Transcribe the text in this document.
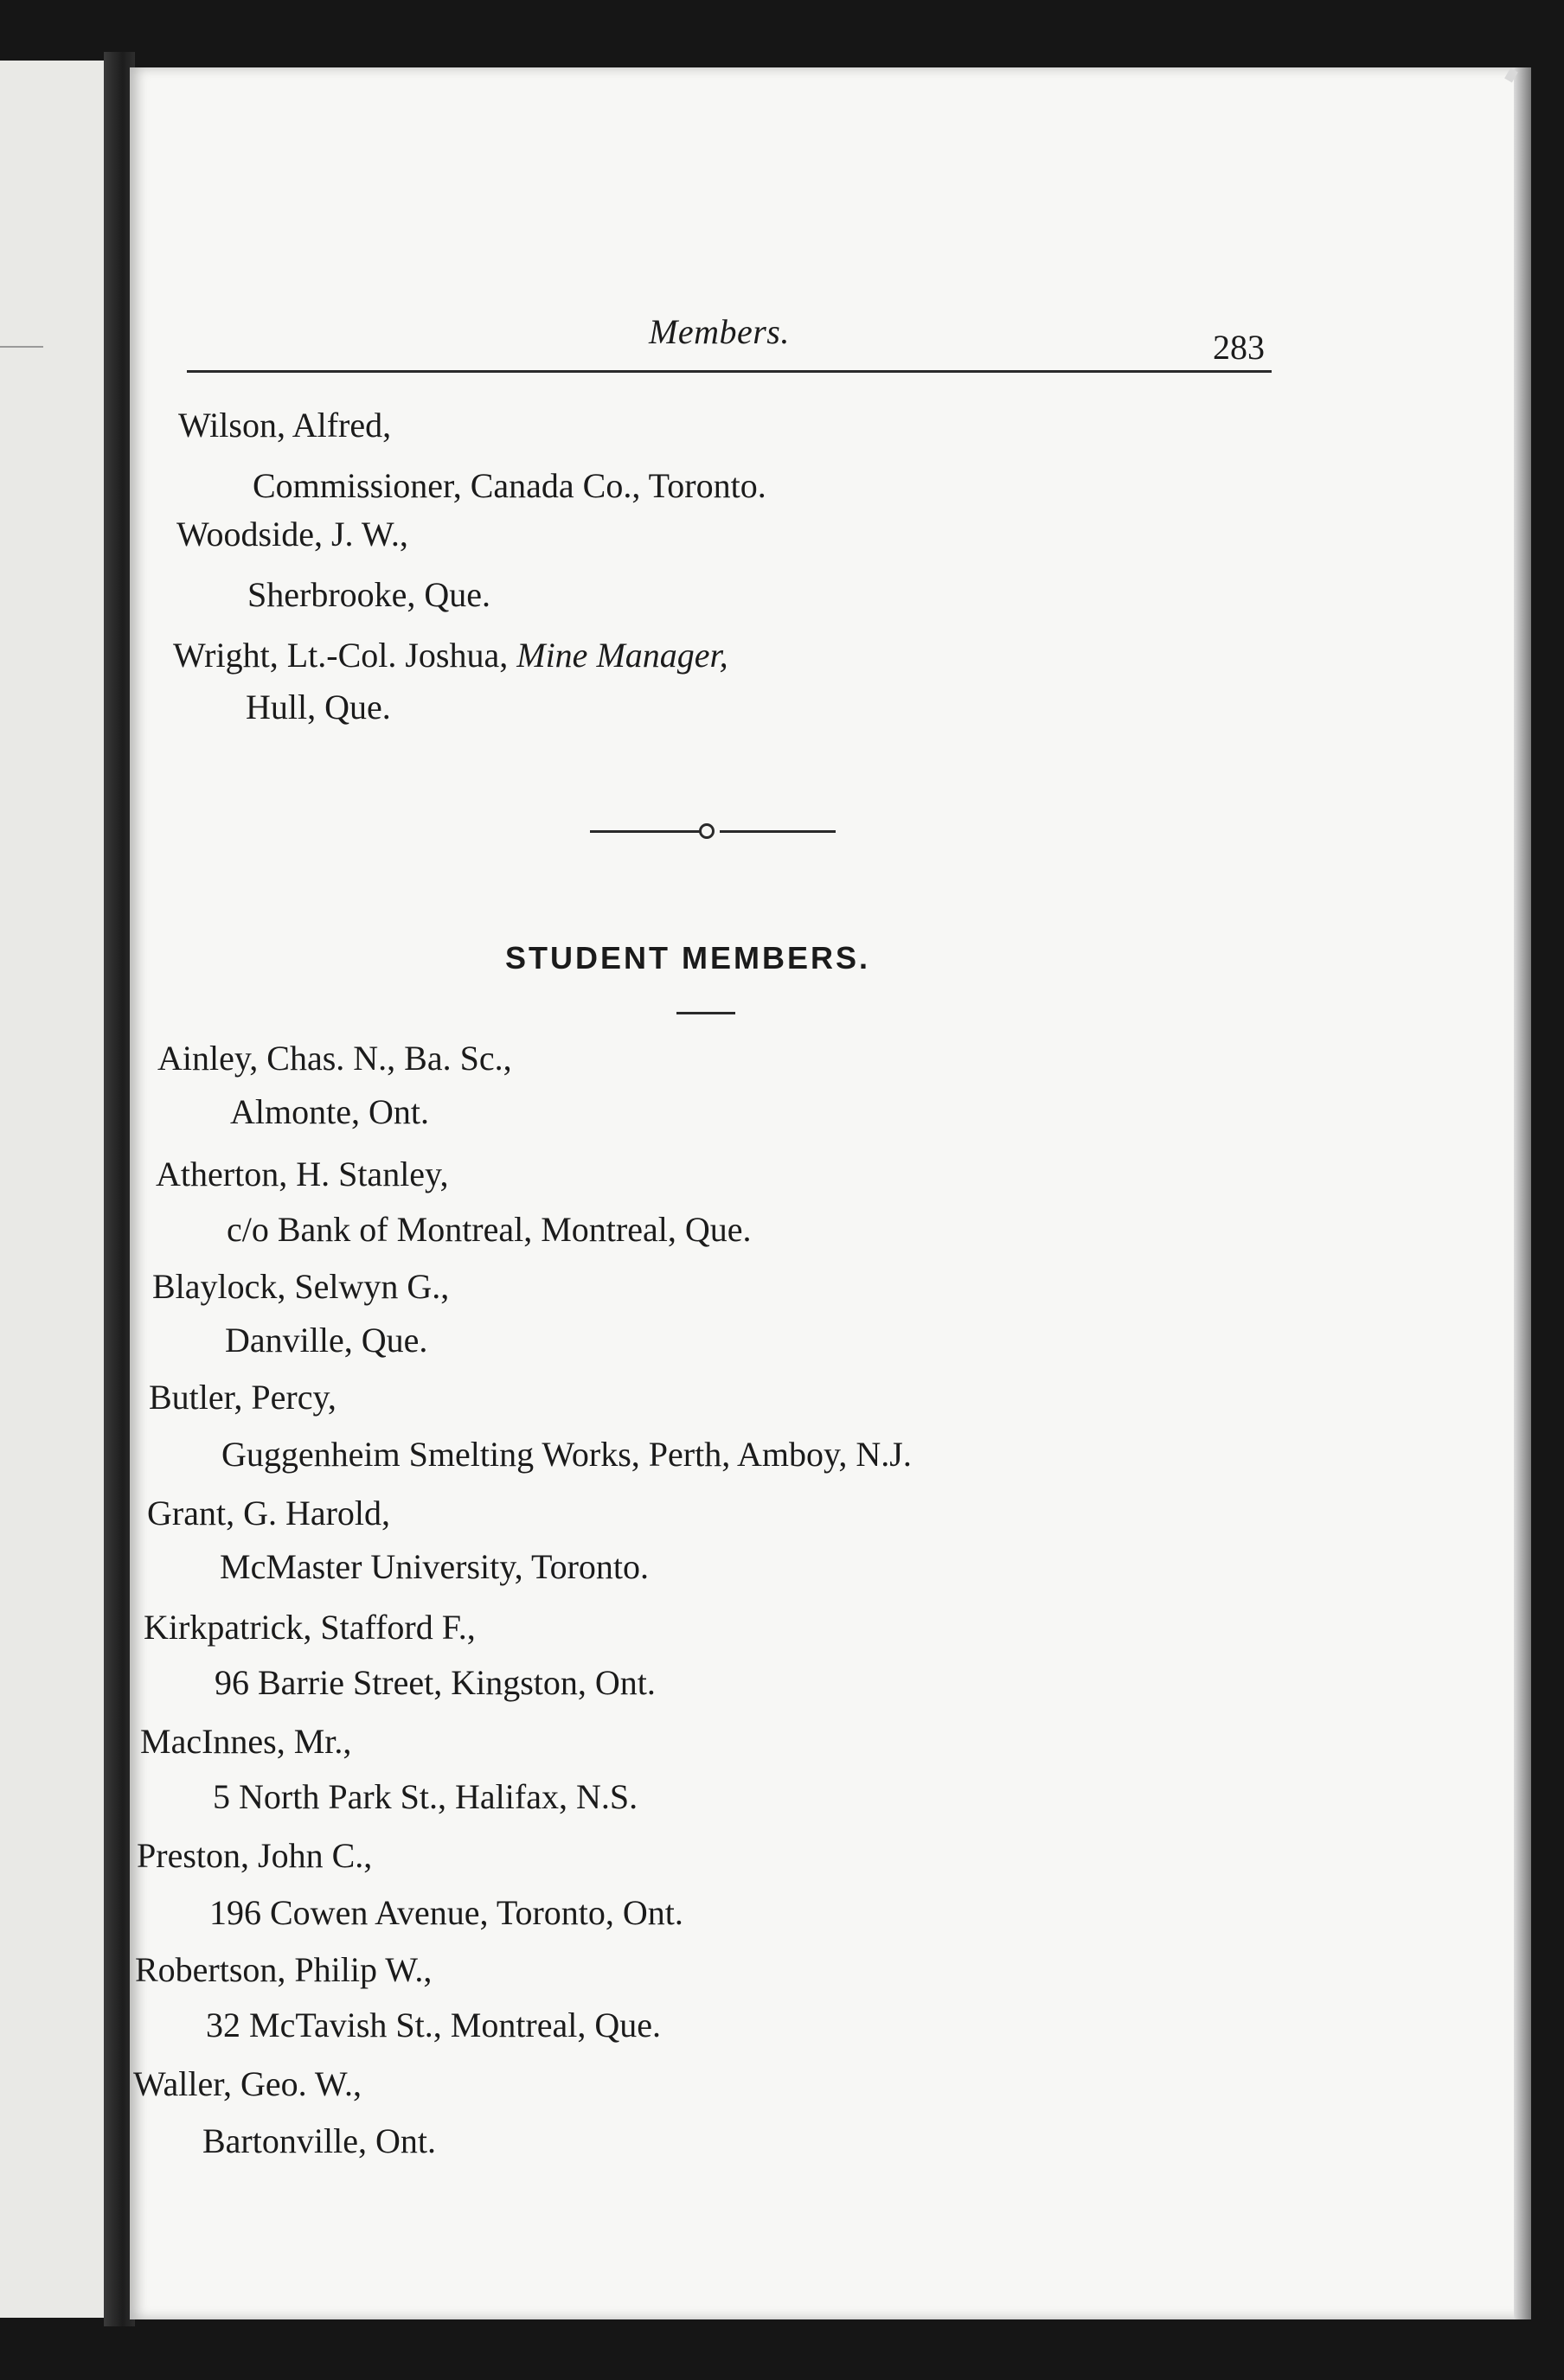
Members.	283
Wilson, Alfred,
Commissioner, Canada Co., Toronto.
Woodside, J. W.,
Sherbrooke, Que.
Wright, Lt.-Col. Joshua, Mine Manager,
Hull, Que.
STUDENT MEMBERS.
Ainley, Chas. N., Ba. Sc.,
Almonte, Ont.
Atherton, H. Stanley,
c/o Bank of Montreal, Montreal, Que.
Blaylock, Selwyn G.,
Danville, Que.
Butler, Percy,
Guggenheim Smelting Works, Perth, Amboy, N.J.
Grant, G. Harold,
McMaster University, Toronto.
Kirkpatrick, Stafford F.,
96 Barrie Street, Kingston, Ont.
MacInnes, Mr.,
5 North Park St., Halifax, N.S.
Preston, John C.,
196 Cowen Avenue, Toronto, Ont.
Robertson, Philip W.,
32 McTavish St., Montreal, Que.
Waller, Geo. W.,
Bartonville, Ont.
